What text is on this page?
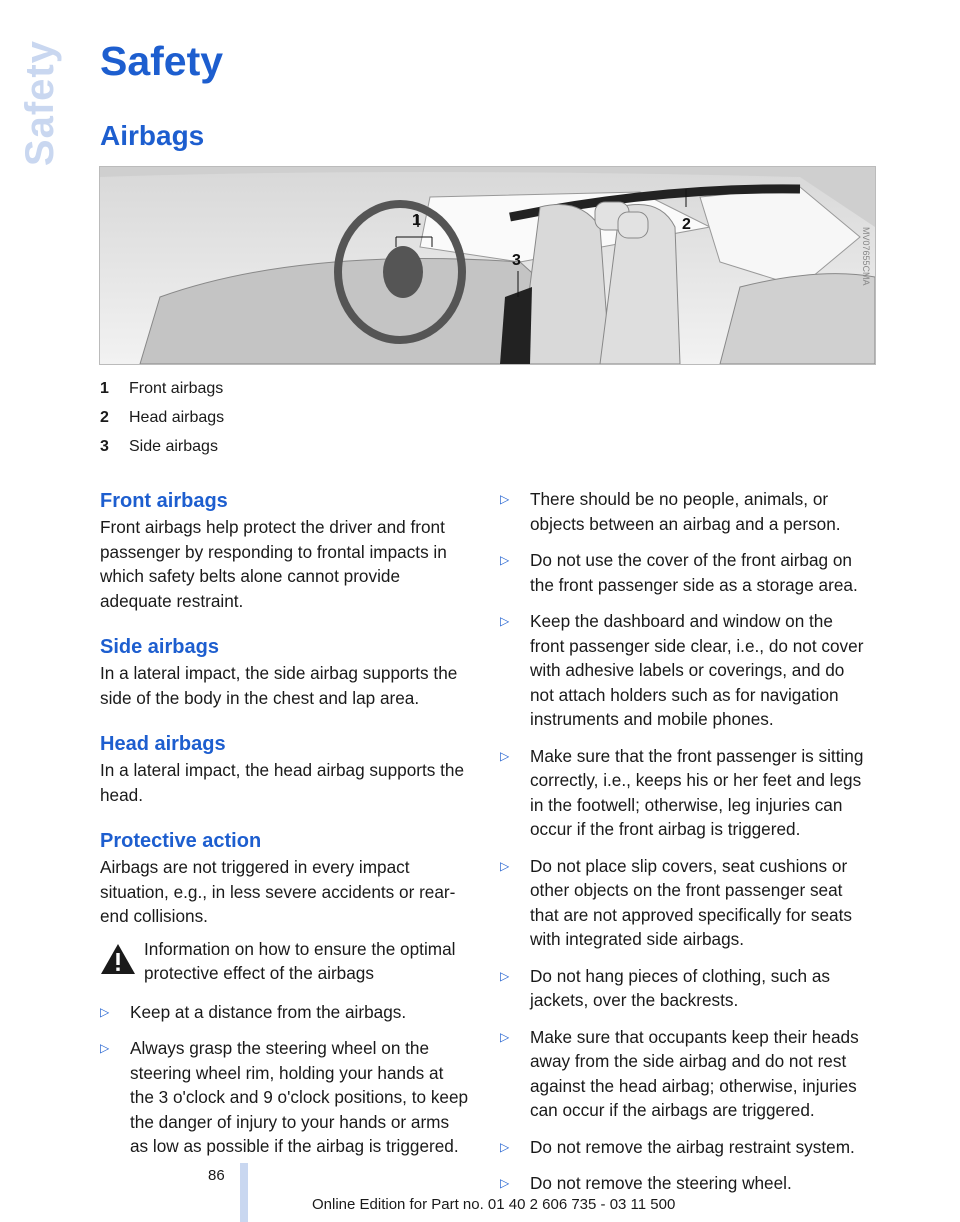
Safety Safety
Airbags
1	2
3	MV07655CMA
1	Front airbags
2	Head airbags
3	Side airbags
Front airbags

Front airbags help protect the driver and front passenger by responding to frontal impacts in which safety belts alone cannot provide adequate restraint.

Side airbags

In a lateral impact, the side airbag supports the side of the body in the chest and lap area.

Head airbags

In a lateral impact, the head airbag supports the head.

Protective action

Airbags are not triggered in every impact situation, e.g., in less severe accidents or rear-end collisions.

Information on how to ensure the optimal protective effect of the airbags
▷	Keep at a distance from the airbags.
▷	Always grasp the steering wheel on the steering wheel rim, holding your hands at the 3 o'clock and 9 o'clock positions, to keep the danger of injury to your hands or arms as low as possible if the airbag is triggered.
▷	There should be no people, animals, or objects between an airbag and a person.
▷	Do not use the cover of the front airbag on the front passenger side as a storage area.
▷	Keep the dashboard and window on the front passenger side clear, i.e., do not cover with adhesive labels or coverings, and do not attach holders such as for navigation instruments and mobile phones.
▷	Make sure that the front passenger is sitting correctly, i.e., keeps his or her feet and legs in the footwell; otherwise, leg injuries can occur if the front airbag is triggered.
▷	Do not place slip covers, seat cushions or other objects on the front passenger seat that are not approved specifically for seats with integrated side airbags.
▷	Do not hang pieces of clothing, such as jackets, over the backrests.
▷	Make sure that occupants keep their heads away from the side airbag and do not rest against the head airbag; otherwise, injuries can occur if the airbags are triggered.
▷	Do not remove the airbag restraint system.
▷	Do not remove the steering wheel.
86
Online Edition for Part no. 01 40 2 606 735 - 03 11 500
